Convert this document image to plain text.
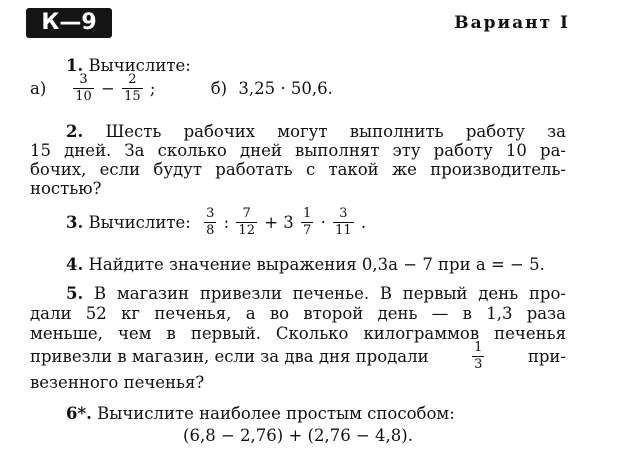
К—9	Вариант I
1. Вычислите:
$а) \frac{3}{10} - \frac{2}{15}$ ;	б) 3,25 · 50,6.
2. Шесть рабочих могут выполнить работу за
15 дней. За сколько дней выполнят эту работу 10 ра-
бочих, если будут работать с такой же производитель-
ностью?
3. Вычислите: $\frac{3}{8}$ : $\frac{7}{12} + 3 \frac{1}{7} \cdot \frac{3}{11}$ .
4. Найдите значение выражения 0,3a − 7 при a = − 5.
5. В магазин привезли печенье. В первый день про-
дали 52 кг печенья, а во второй день — в 1,3 раза
меньше, чем в первый. Сколько килограммов печенья
привезли в магазин, если за два дня продали	$\frac{1}{3}$	при-
везенного печенья?
6*. Вычислите наиболее простым способом:
(6,8 − 2,76) + (2,76 − 4,8).
